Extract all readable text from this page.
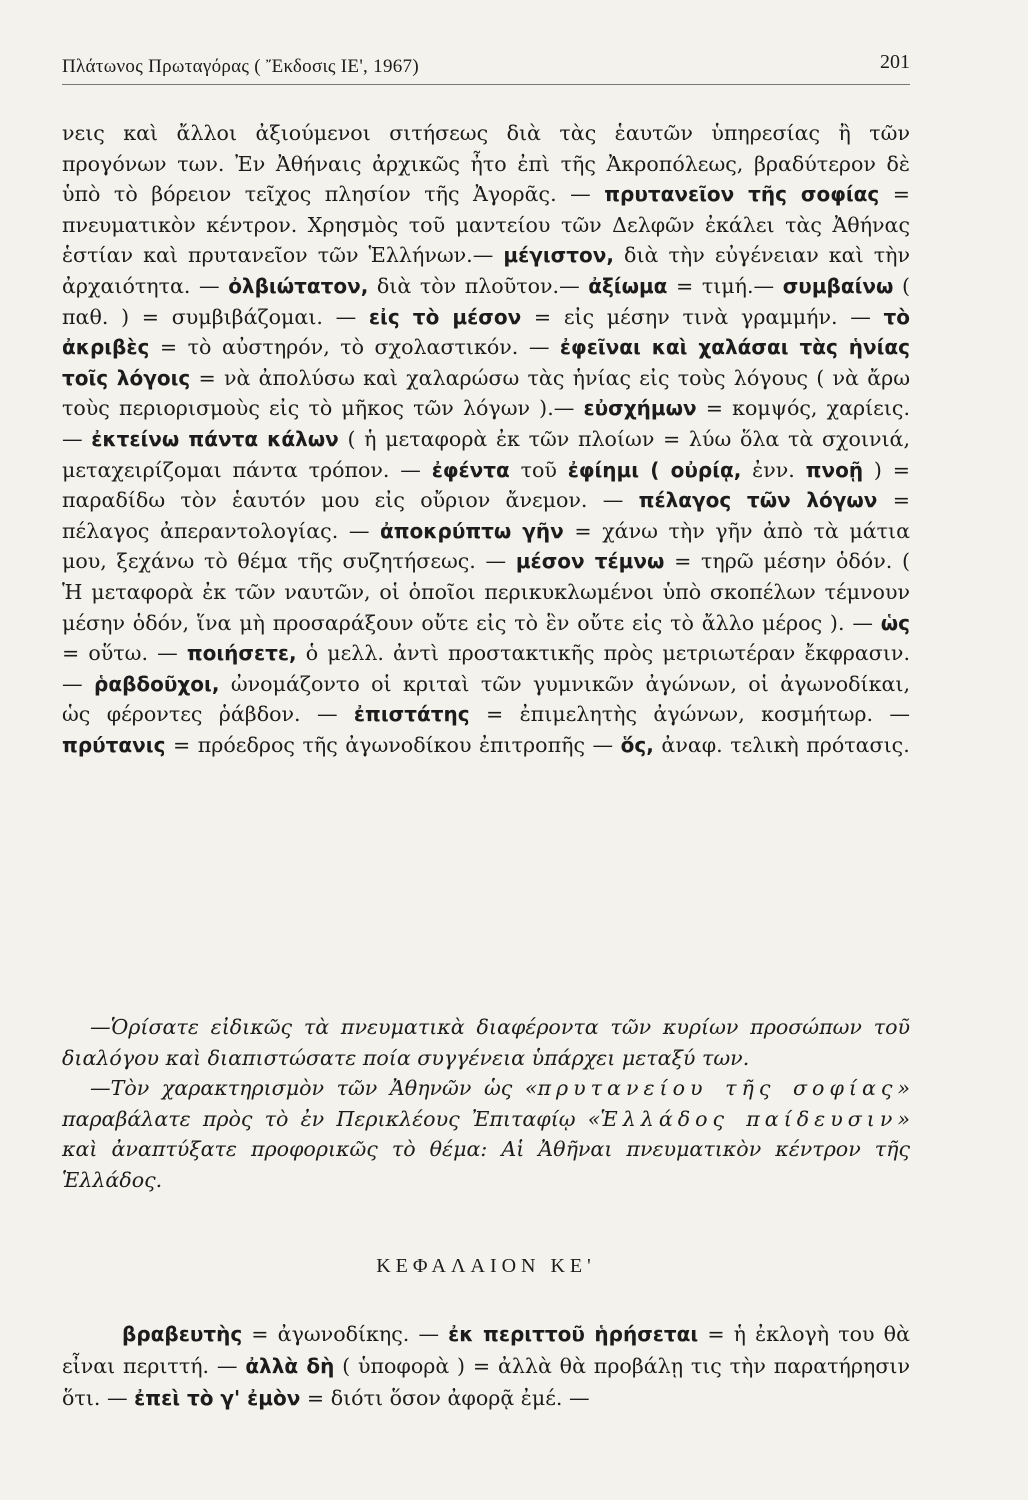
Πλάτωνος Πρωταγόρας ( Ἔκδοσις ΙΕ', 1967)	201

νεις καὶ ἄλλοι ἀξιούμενοι σιτήσεως διὰ τὰς ἑαυτῶν ὑπηρεσίας ἢ τῶν προγόνων των. Ἐν Ἀθήναις ἀρχικῶς ἦτο ἐπὶ τῆς Ἀκροπόλεως, βραδύτερον δὲ ὑπὸ τὸ βόρειον τεῖχος πλησίον τῆς Ἀγορᾶς. — πρυτανεῖον τῆς σοφίας = πνευματικὸν κέντρον. Χρησμὸς τοῦ μαντείου τῶν Δελφῶν ἐκάλει τὰς Ἀθήνας ἑστίαν καὶ πρυτανεῖον τῶν Ἑλλήνων.— μέγιστον, διὰ τὴν εὐγένειαν καὶ τὴν ἀρχαιότητα. — ὀλβιώτατον, διὰ τὸν πλοῦτον.— ἀξίωμα = τιμή.— συμβαίνω ( παθ. ) = συμβιβάζομαι. — εἰς τὸ μέσον = εἰς μέσην τινὰ γραμμήν. — τὸ ἀκριβὲς = τὸ αὐστηρόν, τὸ σχολαστικόν. — ἐφεῖναι καὶ χαλάσαι τὰς ἡνίας τοῖς λόγοις = νὰ ἀπολύσω καὶ χαλαρώσω τὰς ἡνίας εἰς τοὺς λόγους ( νὰ ἄρω τοὺς περιορισμοὺς εἰς τὸ μῆκος τῶν λόγων ).— εὐσχήμων = κομψός, χαρίεις.— ἐκτείνω πάντα κάλων ( ἡ μεταφορὰ ἐκ τῶν πλοίων = λύω ὅλα τὰ σχοινιά, μεταχειρίζομαι πάντα τρόπον. — ἐφέντα τοῦ ἐφίημι ( οὐρίᾳ, ἐνν. πνοῇ ) = παραδίδω τὸν ἑαυτόν μου εἰς οὔριον ἄνεμον. — πέλαγος τῶν λόγων = πέλαγος ἀπεραντολογίας. — ἀποκρύπτω γῆν = χάνω τὴν γῆν ἀπὸ τὰ μάτια μου, ξεχάνω τὸ θέμα τῆς συζητήσεως. — μέσον τέμνω = τηρῶ μέσην ὁδόν. ( Ἡ μεταφορὰ ἐκ τῶν ναυτῶν, οἱ ὁποῖοι περικυκλωμένοι ὑπὸ σκοπέλων τέμνουν μέσην ὁδόν, ἵνα μὴ προσαράξουν οὔτε εἰς τὸ ἓν οὔτε εἰς τὸ ἄλλο μέρος ). — ὡς = οὕτω. — ποιήσετε, ὁ μελλ. ἀντὶ προστακτικῆς πρὸς μετριωτέραν ἔκφρασιν. — ῥαβδοῦχοι, ὠνομάζοντο οἱ κριταὶ τῶν γυμνικῶν ἀγώνων, οἱ ἀγωνοδίκαι, ὡς φέροντες ῥάβδον. — ἐπιστάτης = ἐπιμελητὴς ἀγώνων, κοσμήτωρ. — πρύτανις = πρόεδρος τῆς ἀγωνοδίκου ἐπιτροπῆς — ὅς, ἀναφ. τελικὴ πρότασις.

—Ὁρίσατε εἰδικῶς τὰ πνευματικὰ διαφέροντα τῶν κυρίων προσώπων τοῦ διαλόγου καὶ διαπιστώσατε ποία συγγένεια ὑπάρχει μεταξύ των.

—Τὸν χαρακτηρισμὸν τῶν Ἀθηνῶν ὡς «πρυτανείου τῆς σοφίας» παραβάλατε πρὸς τὸ ἐν Περικλέους Ἐπιταφίῳ «Ἑλλάδος παίδευσιν» καὶ ἀναπτύξατε προφορικῶς τὸ θέμα: Αἱ Ἀθῆναι πνευματικὸν κέντρον τῆς Ἑλλάδος.

ΚΕΦΑΛΑΙΟΝ ΚΕ'

βραβευτὴς = ἀγωνοδίκης. — ἐκ περιττοῦ ἡρήσεται = ἡ ἐκλογὴ του θὰ εἶναι περιττή. — ἀλλὰ δὴ ( ὑποφορὰ ) = ἀλλὰ θὰ προβάλῃ τις τὴν παρατήρησιν ὅτι. — ἐπεὶ τὸ γ' ἐμὸν = διότι ὅσον ἀφορᾷ ἐμέ. —
